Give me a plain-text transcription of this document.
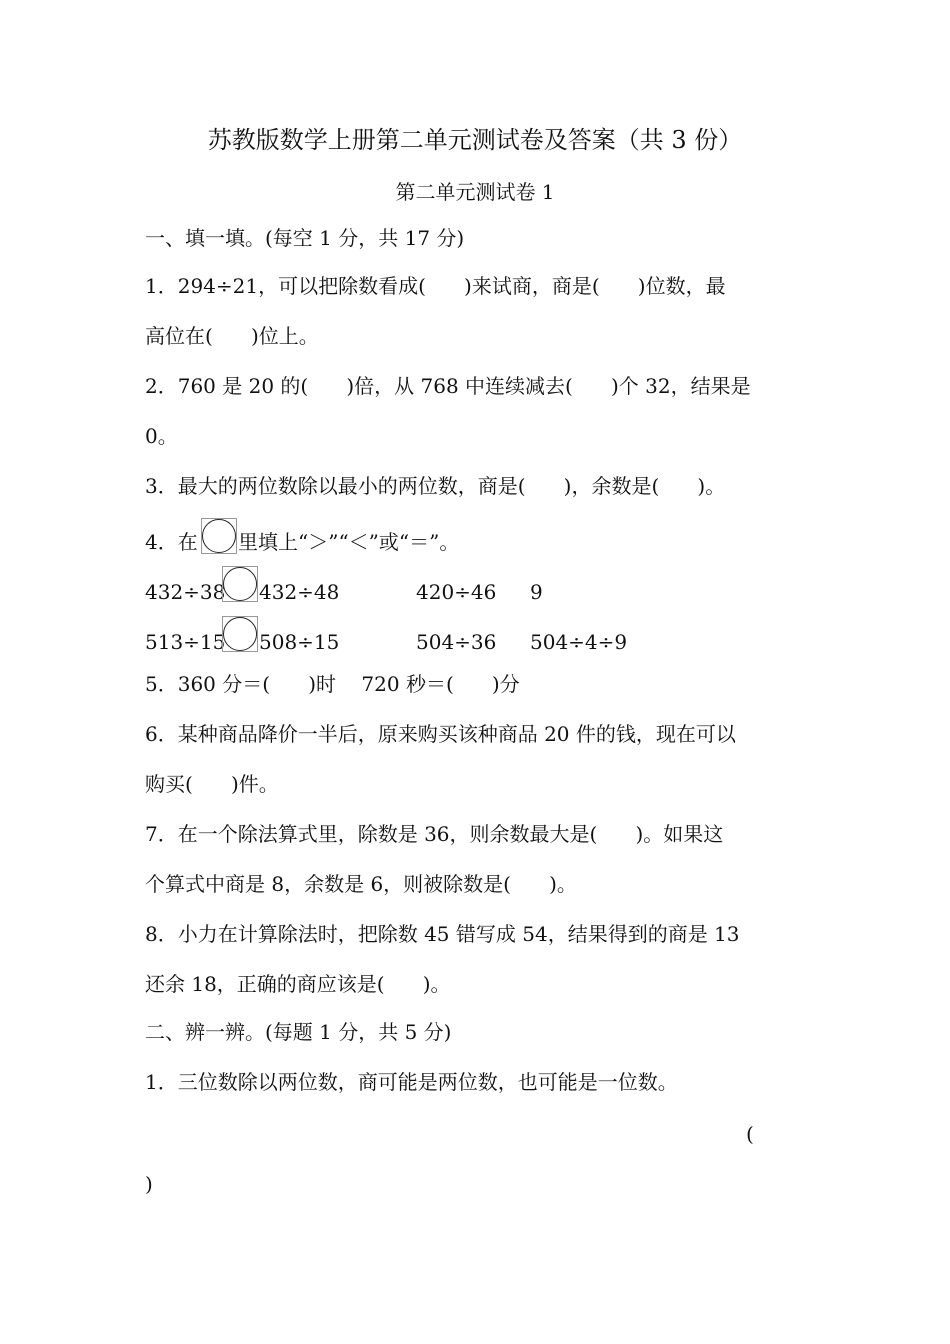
苏教版数学上册第二单元测试卷及答案（共 3 份）
第二单元测试卷 1
一、填一填。(每空 1 分，共 17 分)
1．294÷21，可以把除数看成(      )来试商，商是(      )位数，最
高位在(      )位上。
2．760 是 20 的(      )倍，从 768 中连续减去(      )个 32，结果是
0。
3．最大的两位数除以最小的两位数，商是(      )，余数是(      )。
4．在 里填上“＞”“＜”或“＝”。
432÷38 432÷48	420÷46 9
513÷15 508÷15	504÷36 504÷4÷9
5．360 分＝(      )时    720 秒＝(      )分
6．某种商品降价一半后，原来购买该种商品 20 件的钱，现在可以
购买(      )件。
7．在一个除法算式里，除数是 36，则余数最大是(      )。如果这
个算式中商是 8，余数是 6，则被除数是(      )。
8．小力在计算除法时，把除数 45 错写成 54，结果得到的商是 13
还余 18，正确的商应该是(      )。
二、辨一辨。(每题 1 分，共 5 分)
1．三位数除以两位数，商可能是两位数，也可能是一位数。
(
)
